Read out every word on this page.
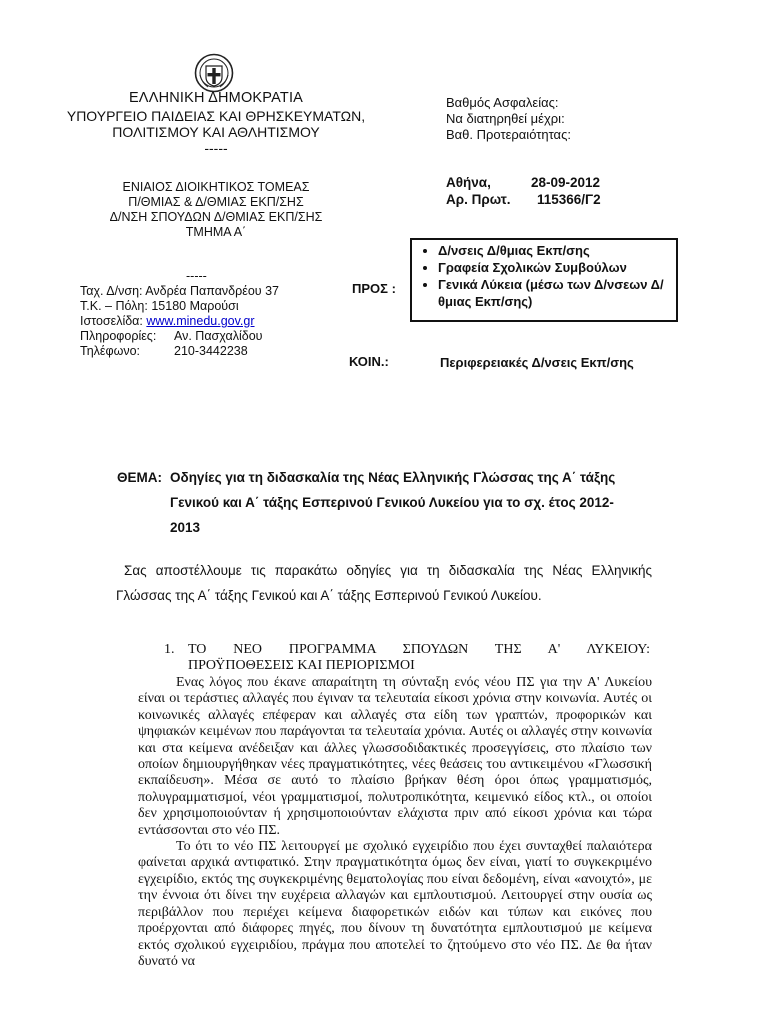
ΕΛΛΗΝΙΚΗ ΔΗΜΟΚΡΑΤΙΑ
ΥΠΟΥΡΓΕΙΟ ΠΑΙΔΕΙΑΣ ΚΑΙ ΘΡΗΣΚΕΥΜΑΤΩΝ,
ΠΟΛΙΤΙΣΜΟΥ ΚΑΙ ΑΘΛΗΤΙΣΜΟΥ
-----
ΕΝΙΑΙΟΣ ΔΙΟΙΚΗΤΙΚΟΣ ΤΟΜΕΑΣ
Π/ΘΜΙΑΣ & Δ/ΘΜΙΑΣ ΕΚΠ/ΣΗΣ
Δ/ΝΣΗ ΣΠΟΥΔΩΝ Δ/ΘΜΙΑΣ ΕΚΠ/ΣΗΣ
ΤΜΗΜΑ Α΄
-----
Ταχ. Δ/νση: Ανδρέα Παπανδρέου 37
Τ.Κ. – Πόλη: 15180 Μαρούσι
Ιστοσελίδα: www.minedu.gov.gr
Πληροφορίες:	Αν. Πασχαλίδου
Τηλέφωνο:	210-3442238
Βαθμός Ασφαλείας:
Να διατηρηθεί μέχρι:
Βαθ. Προτεραιότητας:
Αθήνα,	28-09-2012
Αρ. Πρωτ. 115366/Γ2
ΠΡΟΣ :
• Δ/νσεις Δ/θμιας Εκπ/σης
• Γραφεία Σχολικών Συμβούλων
• Γενικά Λύκεια (μέσω των Δ/νσεων Δ/θμιας Εκπ/σης)
ΚΟΙΝ.:	Περιφερειακές Δ/νσεις Εκπ/σης
ΘΕΜΑ: Οδηγίες για τη διδασκαλία της Νέας Ελληνικής Γλώσσας της Α΄ τάξης
Γενικού και Α΄ τάξης Εσπερινού Γενικού Λυκείου για το σχ. έτος 2012-
2013
Σας αποστέλλουμε τις παρακάτω οδηγίες για τη διδασκαλία της Νέας Ελληνικής Γλώσσας της Α΄ τάξης Γενικού και Α΄ τάξης Εσπερινού Γενικού Λυκείου.
1. ΤΟ ΝΕΟ ΠΡΟΓΡΑΜΜΑ ΣΠΟΥΔΩΝ ΤΗΣ Α' ΛΥΚΕΙΟΥ:
ΠΡΟΫΠΟΘΕΣΕΙΣ ΚΑΙ ΠΕΡΙΟΡΙΣΜΟΙ

Ενας λόγος που έκανε απαραίτητη τη σύνταξη ενός νέου ΠΣ για την Α' Λυκείου είναι οι τεράστιες αλλαγές που έγιναν τα τελευταία είκοσι χρόνια στην κοινωνία. Αυτές οι κοινωνικές αλλαγές επέφεραν και αλλαγές στα είδη των γραπτών, προφορικών και ψηφιακών κειμένων που παράγονται τα τελευταία χρόνια. Αυτές οι αλλαγές στην κοινωνία και στα κείμενα ανέδειξαν και άλλες γλωσσοδιδακτικές προσεγγίσεις, στο πλαίσιο των οποίων δημιουργήθηκαν νέες πραγματικότητες, νέες θεάσεις του αντικειμένου «Γλωσσική εκπαίδευση». Μέσα σε αυτό το πλαίσιο βρήκαν θέση όροι όπως γραμματισμός, πολυγραμματισμοί, νέοι γραμματισμοί, πολυτροπικότητα, κειμενικό είδος κτλ., οι οποίοι δεν χρησιμοποιούνταν ή χρησιμοποιούνταν ελάχιστα πριν από είκοσι χρόνια και τώρα εντάσσονται στο νέο ΠΣ.

Το ότι το νέο ΠΣ λειτουργεί με σχολικό εγχειρίδιο που έχει συνταχθεί παλαιότερα φαίνεται αρχικά αντιφατικό. Στην πραγματικότητα όμως δεν είναι, γιατί το συγκεκριμένο εγχειρίδιο, εκτός της συγκεκριμένης θεματολογίας που είναι δεδομένη, είναι «ανοιχτό», με την έννοια ότι δίνει την ευχέρεια αλλαγών και εμπλουτισμού. Λειτουργεί στην ουσία ως περιβάλλον που περιέχει κείμενα διαφορετικών ειδών και τύπων και εικόνες που προέρχονται από διάφορες πηγές, που δίνουν τη δυνατότητα εμπλουτισμού με κείμενα εκτός σχολικού εγχειριδίου, πράγμα που αποτελεί το ζητούμενο στο νέο ΠΣ. Δε θα ήταν δυνατό να
